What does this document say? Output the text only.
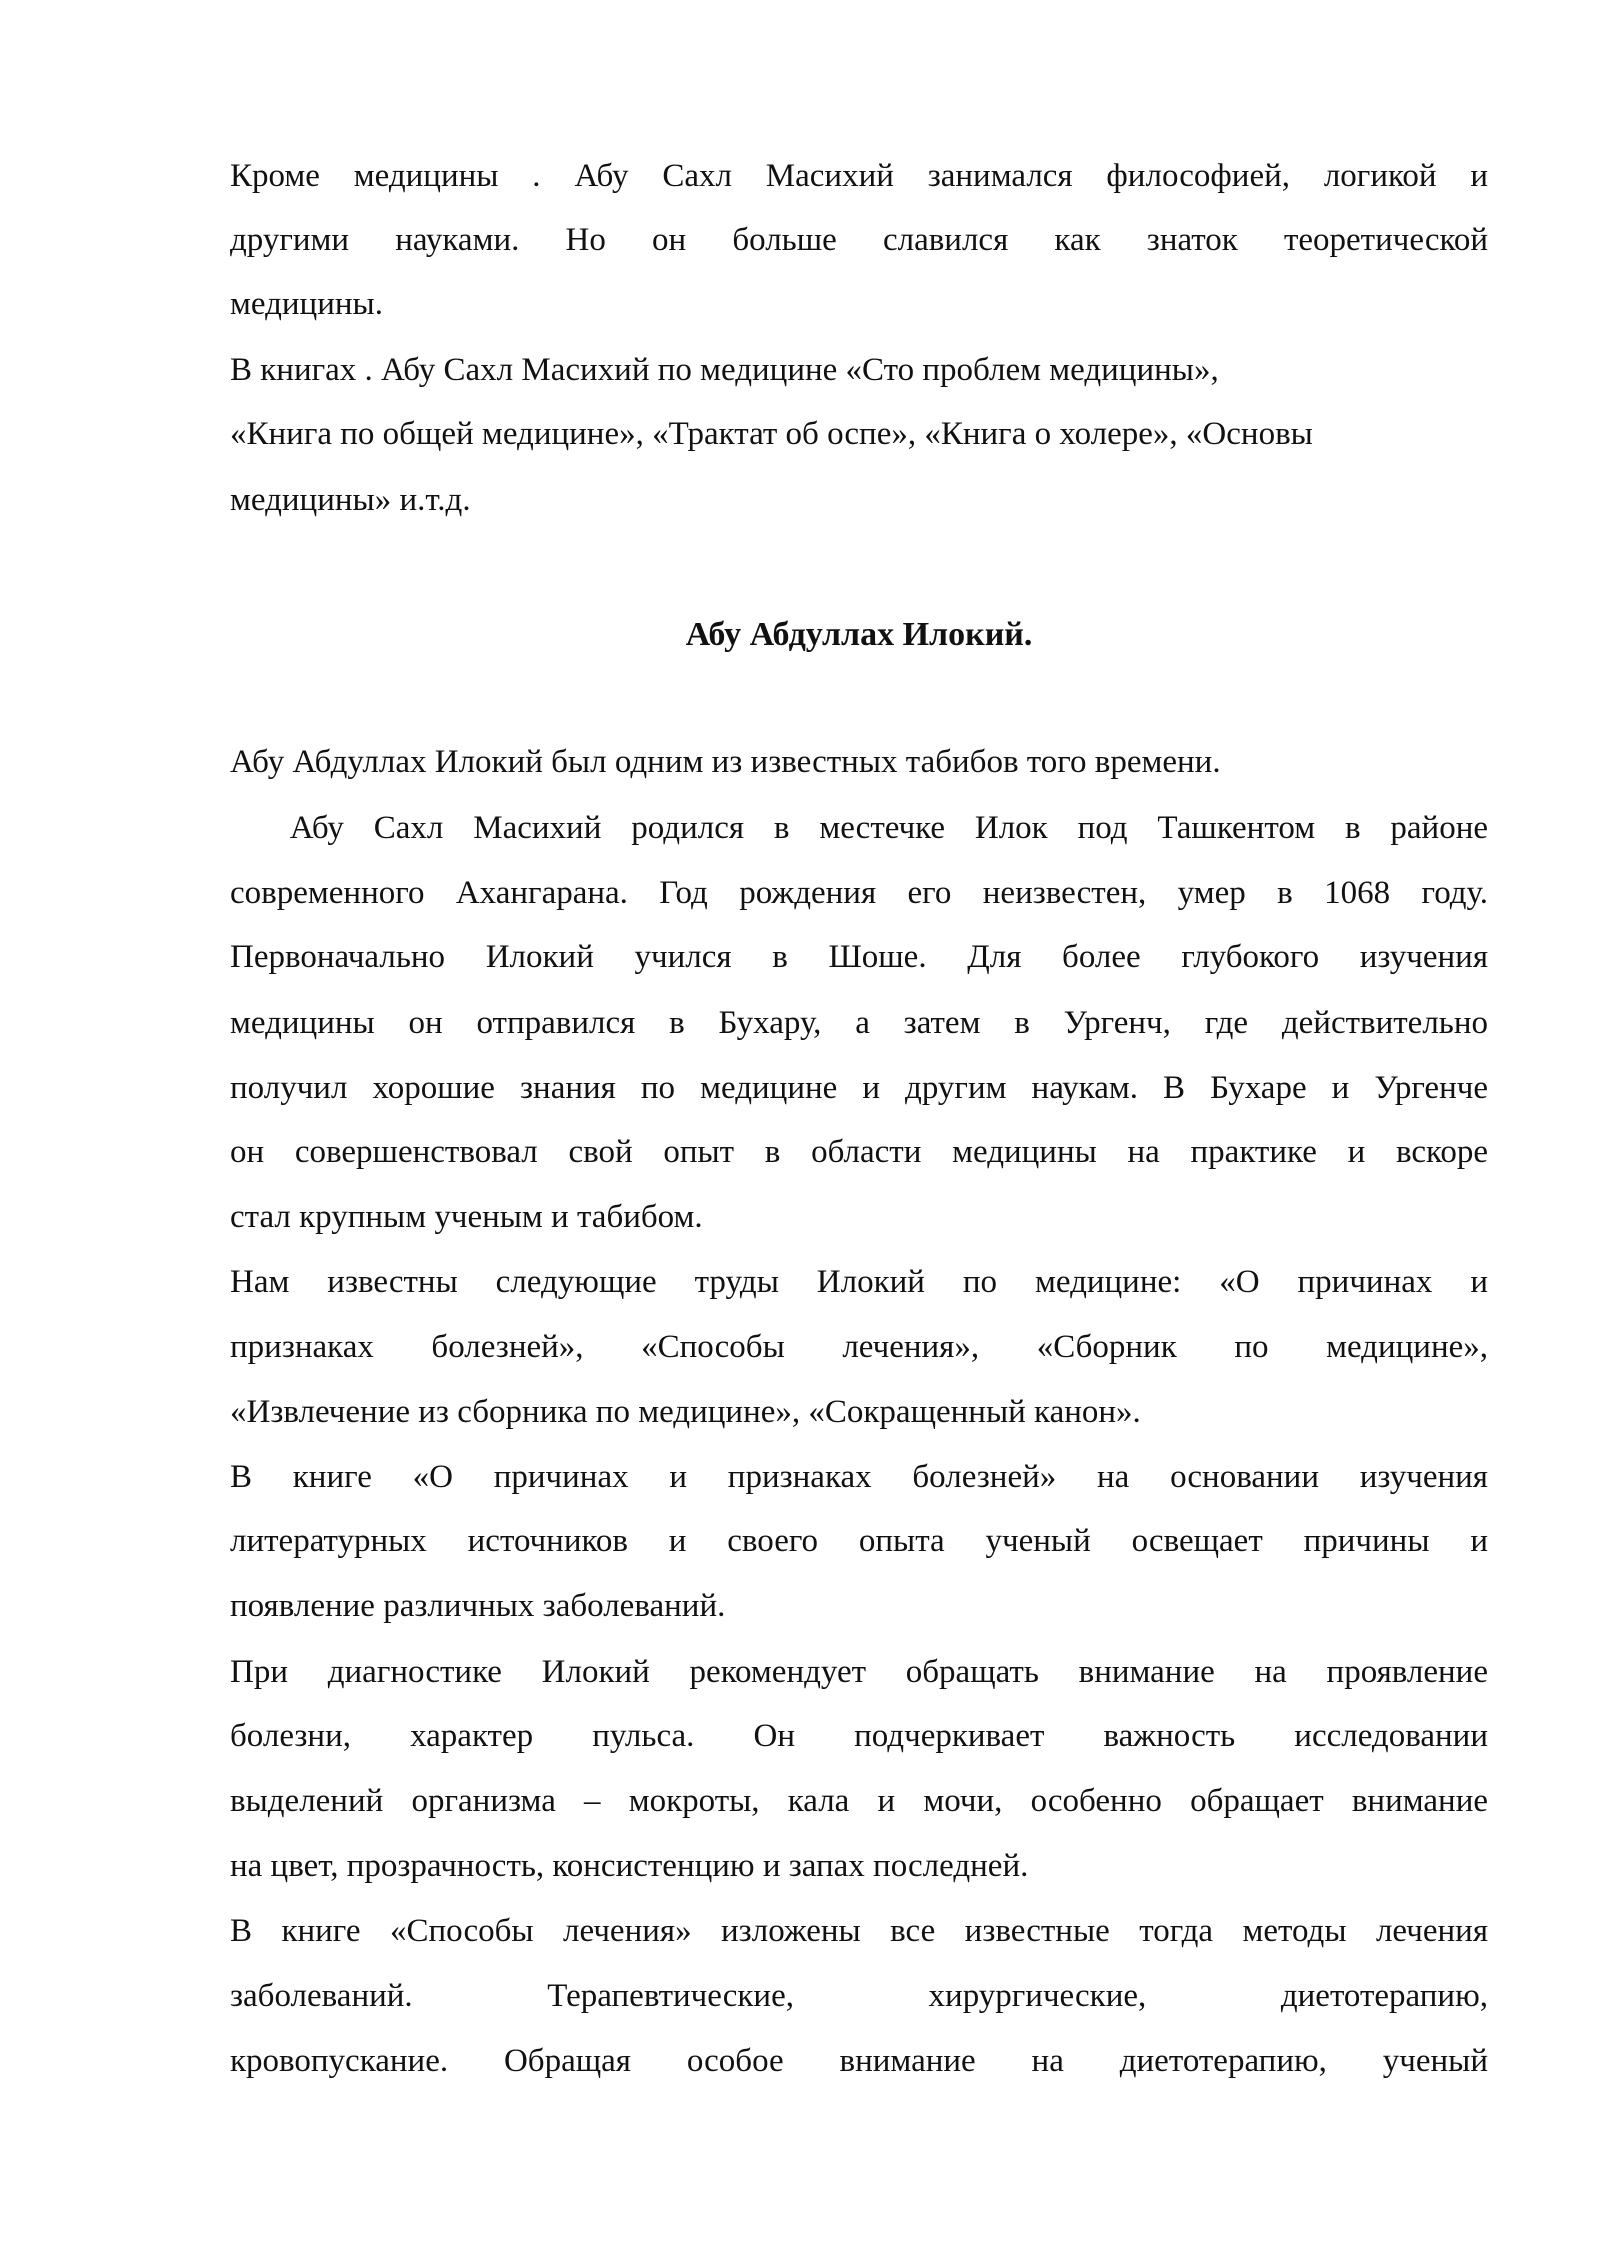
Кроме медицины . Абу Сахл Масихий занимался философией, логикой и
другими науками. Но он больше славился как знаток теоретической
медицины.
В книгах . Абу Сахл Масихий по медицине «Сто проблем медицины»,
«Книга по общей медицине», «Трактат об оспе», «Книга о холере», «Основы
медицины» и.т.д.
Абу Абдуллах Илокий.
Абу Абдуллах Илокий был одним из известных табибов того времени.
Абу Сахл Масихий родился в местечке Илок под Ташкентом в районе
современного Ахангарана. Год рождения его неизвестен, умер в 1068 году.
Первоначально Илокий учился в Шоше. Для более глубокого изучения
медицины он отправился в Бухару, а затем в Ургенч, где действительно
получил хорошие знания по медицине и другим наукам. В Бухаре и Ургенче
он совершенствовал свой опыт в области медицины на практике и вскоре
стал крупным ученым и табибом.
Нам известны следующие труды Илокий по медицине: «О причинах и
признаках болезней», «Способы лечения», «Сборник по медицине»,
«Извлечение из сборника по медицине», «Сокращенный канон».
В книге «О причинах и признаках болезней» на основании изучения
литературных источников и своего опыта ученый освещает причины и
появление различных заболеваний.
При диагностике Илокий рекомендует обращать внимание на проявление
болезни, характер пульса. Он подчеркивает важность исследовании
выделений организма – мокроты, кала и мочи, особенно обращает внимание
на цвет, прозрачность, консистенцию и запах последней.
В книге «Способы лечения» изложены все известные тогда методы лечения
заболеваний. Терапевтические, хирургические, диетотерапию,
кровопускание. Обращая особое внимание на диетотерапию, ученый
